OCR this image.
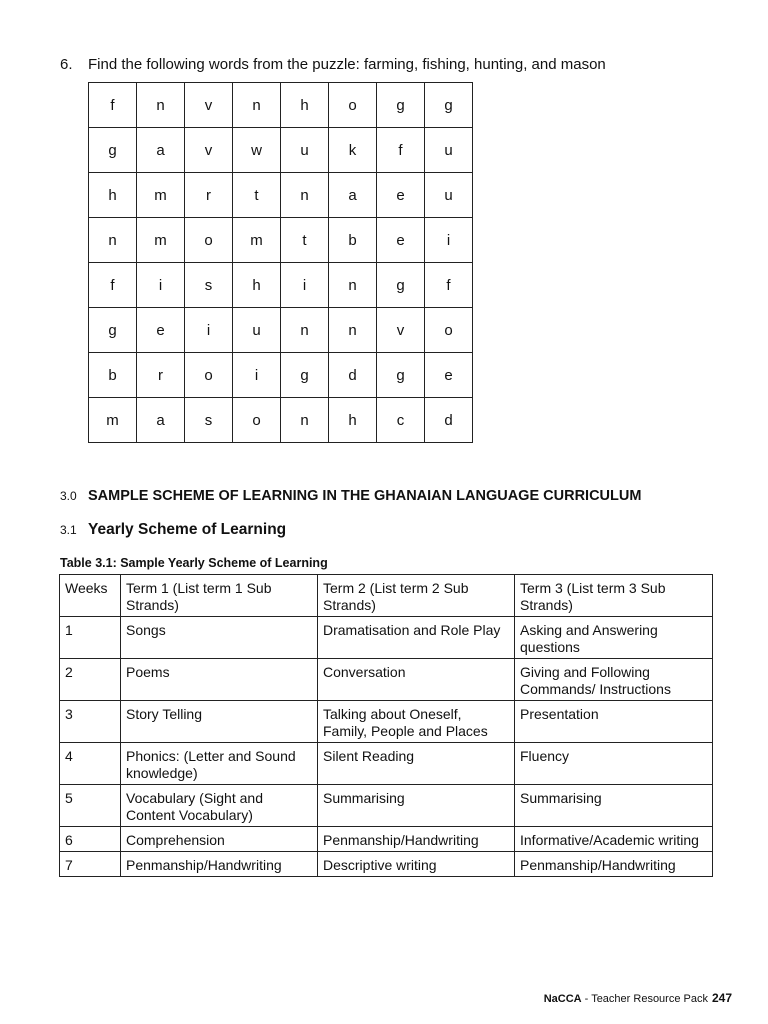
6. Find the following words from the puzzle: farming, fishing, hunting, and mason
f	n	v	n	h	o	g	g
g	a	v	w	u	k	f	u
h	m	r	t	n	a	e	u
n	m	o	m	t	b	e	i
f	i	s	h	i	n	g	f
g	e	i	u	n	n	v	o
b	r	o	i	g	d	g	e
m	a	s	o	n	h	c	d
3.0 SAMPLE SCHEME OF LEARNING IN THE GHANAIAN LANGUAGE CURRICULUM
3.1 Yearly Scheme of Learning
Table 3.1: Sample Yearly Scheme of Learning
Weeks	Term 1 (List term 1 Sub Strands)	Term 2 (List term 2 Sub Strands)	Term 3 (List term 3 Sub Strands)
1	Songs	Dramatisation and Role Play	Asking and Answering questions
2	Poems	Conversation	Giving and Following Commands/ Instructions
3	Story Telling	Talking about Oneself, Family, People and Places	Presentation
4	Phonics: (Letter and Sound knowledge)	Silent Reading	Fluency
5	Vocabulary (Sight and Content Vocabulary)	Summarising	Summarising
6	Comprehension	Penmanship/Handwriting	Informative/Academic writing
7	Penmanship/Handwriting	Descriptive writing	Penmanship/Handwriting
NaCCA - Teacher Resource Pack 247
